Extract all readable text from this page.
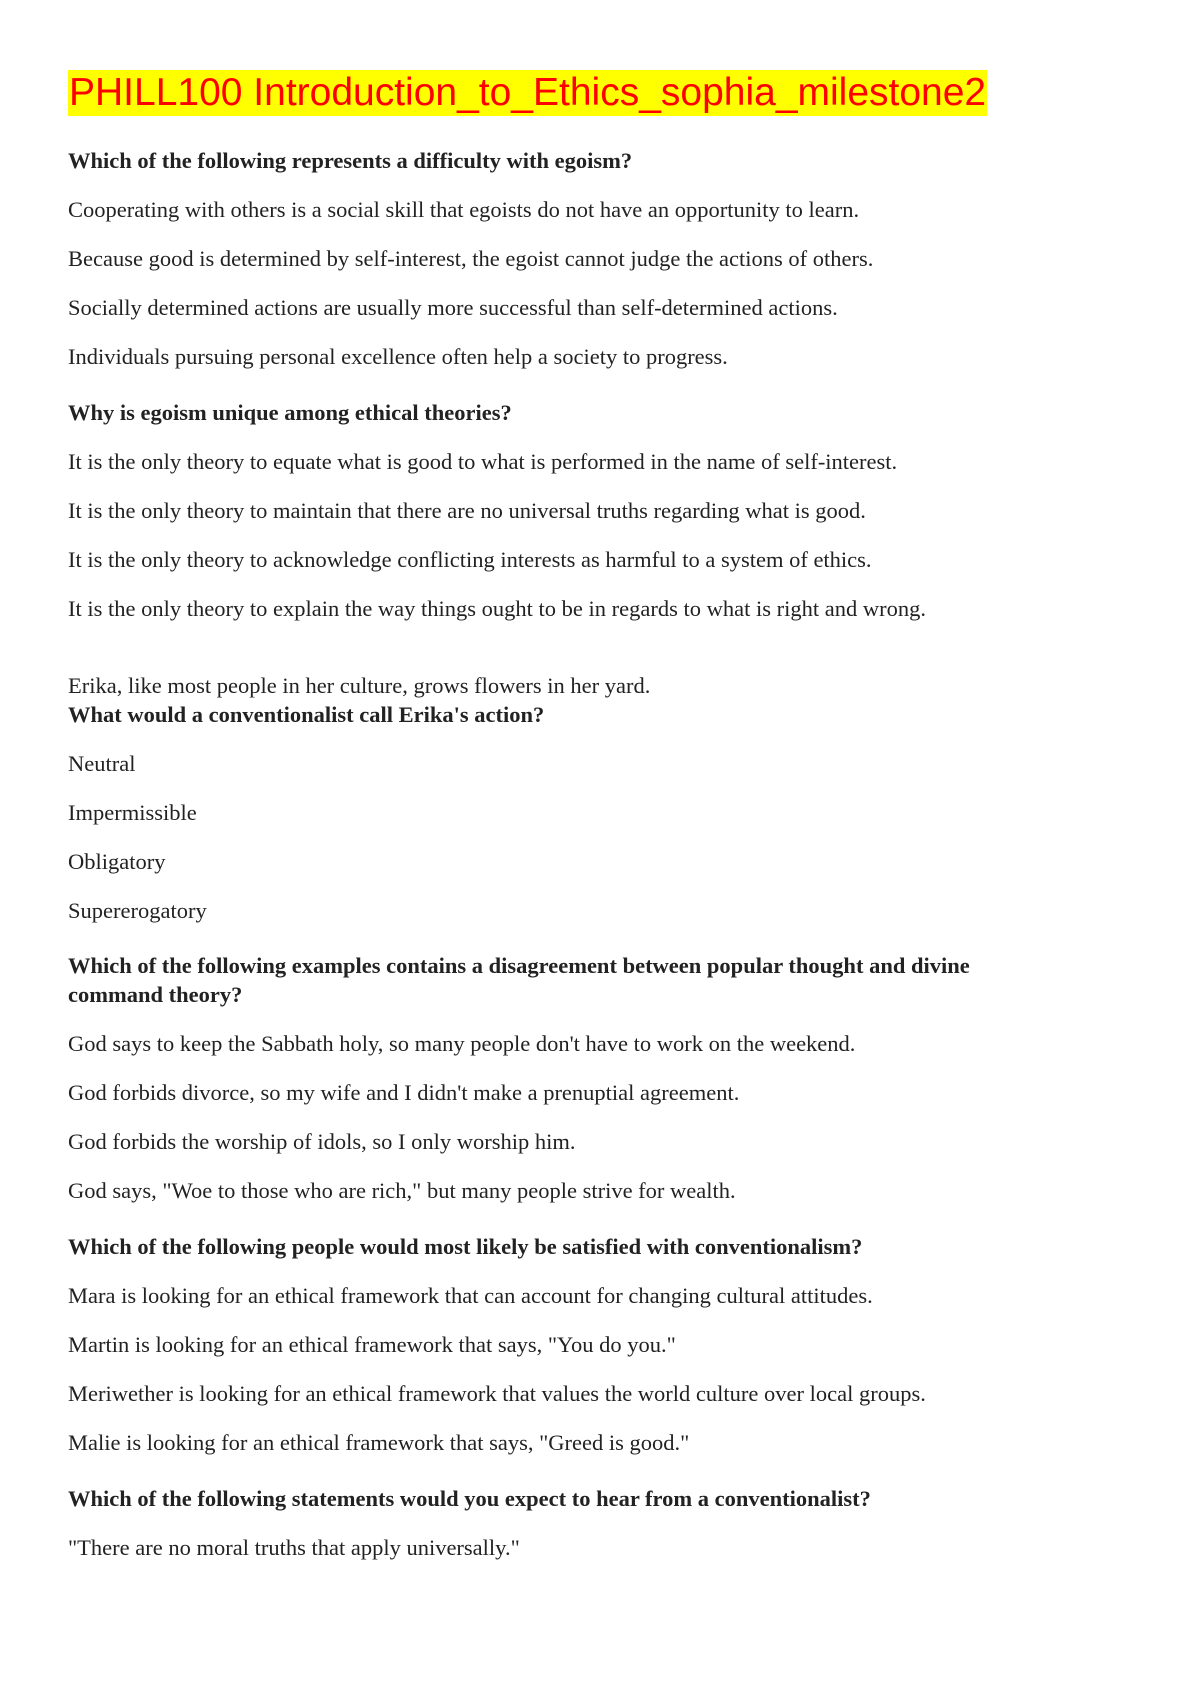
PHILL100 Introduction_to_Ethics_sophia_milestone2
Which of the following represents a difficulty with egoism?
Cooperating with others is a social skill that egoists do not have an opportunity to learn.
Because good is determined by self-interest, the egoist cannot judge the actions of others.
Socially determined actions are usually more successful than self-determined actions.
Individuals pursuing personal excellence often help a society to progress.
Why is egoism unique among ethical theories?
It is the only theory to equate what is good to what is performed in the name of self-interest.
It is the only theory to maintain that there are no universal truths regarding what is good.
It is the only theory to acknowledge conflicting interests as harmful to a system of ethics.
It is the only theory to explain the way things ought to be in regards to what is right and wrong.
Erika, like most people in her culture, grows flowers in her yard.
What would a conventionalist call Erika's action?
Neutral
Impermissible
Obligatory
Supererogatory
Which of the following examples contains a disagreement between popular thought and divine command theory?
God says to keep the Sabbath holy, so many people don't have to work on the weekend.
God forbids divorce, so my wife and I didn't make a prenuptial agreement.
God forbids the worship of idols, so I only worship him.
God says, "Woe to those who are rich," but many people strive for wealth.
Which of the following people would most likely be satisfied with conventionalism?
Mara is looking for an ethical framework that can account for changing cultural attitudes.
Martin is looking for an ethical framework that says, "You do you."
Meriwether is looking for an ethical framework that values the world culture over local groups.
Malie is looking for an ethical framework that says, "Greed is good."
Which of the following statements would you expect to hear from a conventionalist?
"There are no moral truths that apply universally."
